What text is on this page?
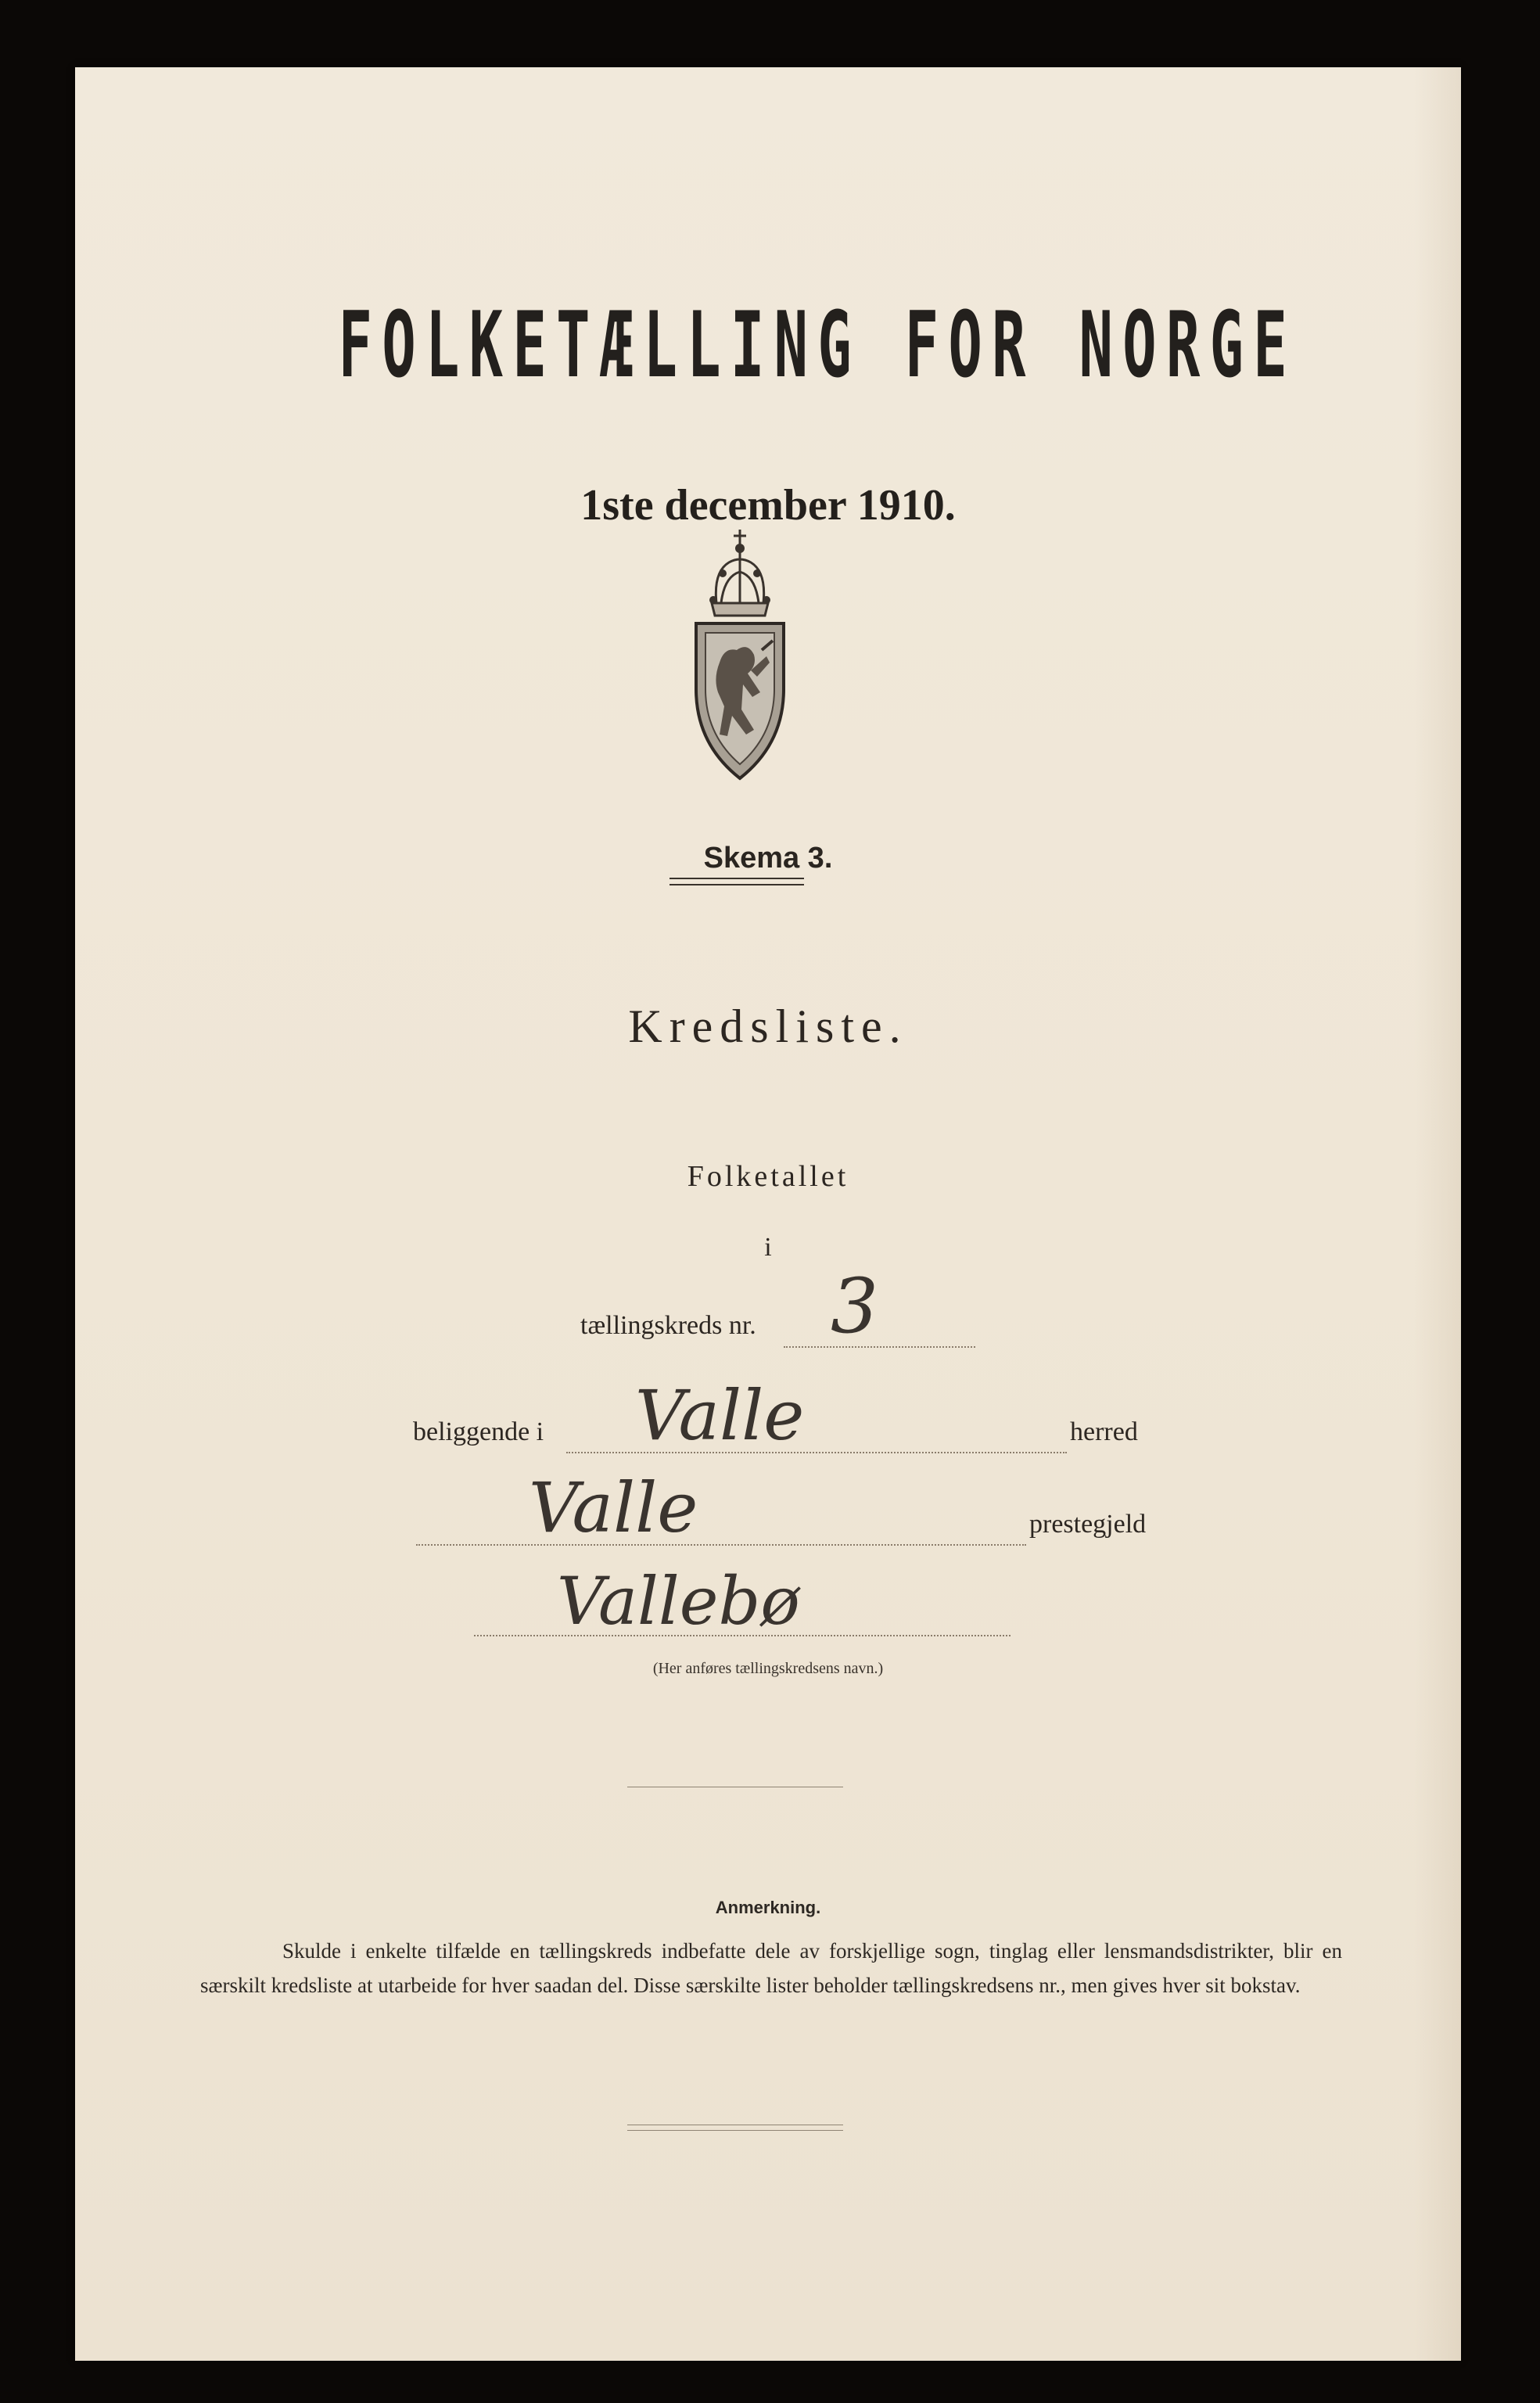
FOLKETÆLLING FOR NORGE
1ste december 1910.
Skema 3.
Kredsliste.
Folketallet
i
tællingskreds nr. 3
beliggende i Valle	herred
Valle	prestegjeld
Vallebø
(Her anføres tællingskredsens navn.)
Anmerkning.
Skulde i enkelte tilfælde en tællingskreds indbefatte dele av forskjellige sogn, tinglag eller lensmandsdistrikter, blir en særskilt kredsliste at utarbeide for hver saadan del. Disse særskilte lister beholder tællingskredsens nr., men gives hver sit bokstav.
